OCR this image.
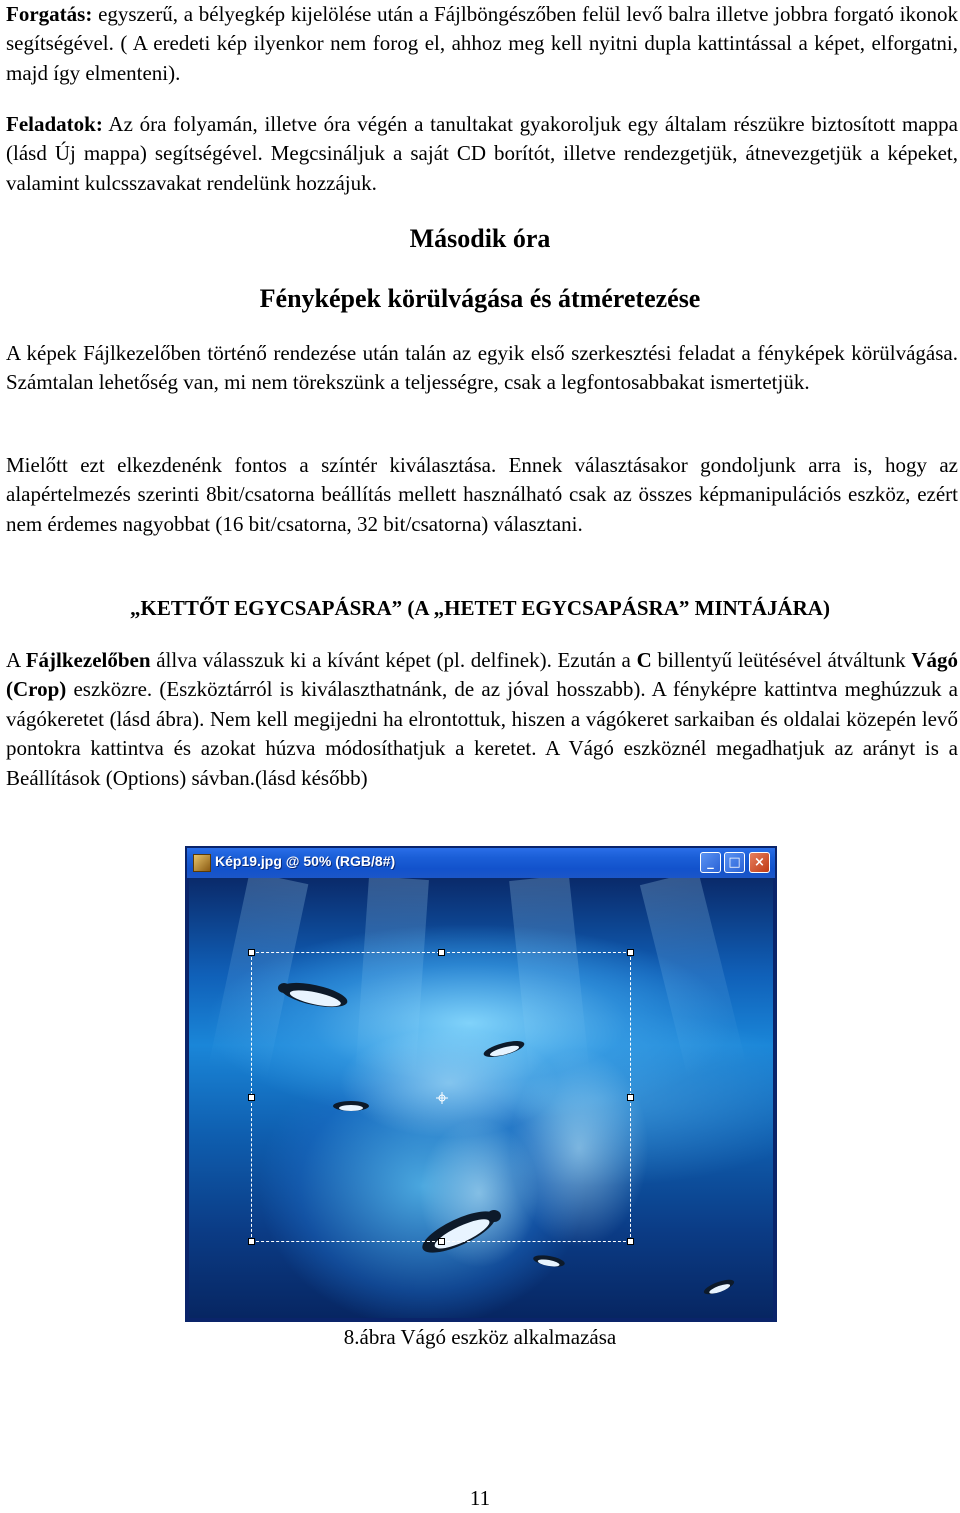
Forgatás: egyszerű, a bélyegkép kijelölése után a Fájlböngészőben felül levő balra illetve jobbra forgató ikonok segítségével. ( A eredeti kép ilyenkor nem forog el, ahhoz meg kell nyitni dupla kattintással a képet, elforgatni, majd így elmenteni).

Feladatok: Az óra folyamán, illetve óra végén a tanultakat gyakoroljuk egy általam részükre biztosított mappa (lásd Új mappa) segítségével. Megcsináljuk a saját CD borítót, illetve rendezgetjük, átnevezgetjük a képeket, valamint kulcsszavakat rendelünk hozzájuk.

Második óra
Fényképek körülvágása és átméretezése

A képek Fájlkezelőben történő rendezése után talán az egyik első szerkesztési feladat a fényképek körülvágása. Számtalan lehetőség van, mi nem törekszünk a teljességre, csak a legfontosabbakat ismertetjük.

Mielőtt ezt elkezdenénk fontos a színtér kiválasztása. Ennek választásakor gondoljunk arra is, hogy az alapértelmezés szerinti 8bit/csatorna beállítás mellett használható csak az összes képmanipulációs eszköz, ezért nem érdemes nagyobbat (16 bit/csatorna, 32 bit/csatorna) választani.

„KETTŐT EGYCSAPÁSRA” (A „HETET EGYCSAPÁSRA” MINTÁJÁRA)

A Fájlkezelőben állva válasszuk ki a kívánt képet (pl. delfinek). Ezután a C billentyű leütésével átváltunk Vágó (Crop) eszközre. (Eszköztárról is kiválaszthatnánk, de az jóval hosszabb). A fényképre kattintva meghúzzuk a vágókeretet (lásd ábra). Nem kell megijedni ha elrontottuk, hiszen a vágókeret sarkaiban és oldalai közepén levő pontokra kattintva és azokat húzva módosíthatjuk a keretet. A Vágó eszköznél megadhatjuk az arányt is a Beállítások (Options) sávban.(lásd később)

Kép19.jpg @ 50% (RGB/8#)	_	□	×

8.ábra Vágó eszköz alkalmazása

11
